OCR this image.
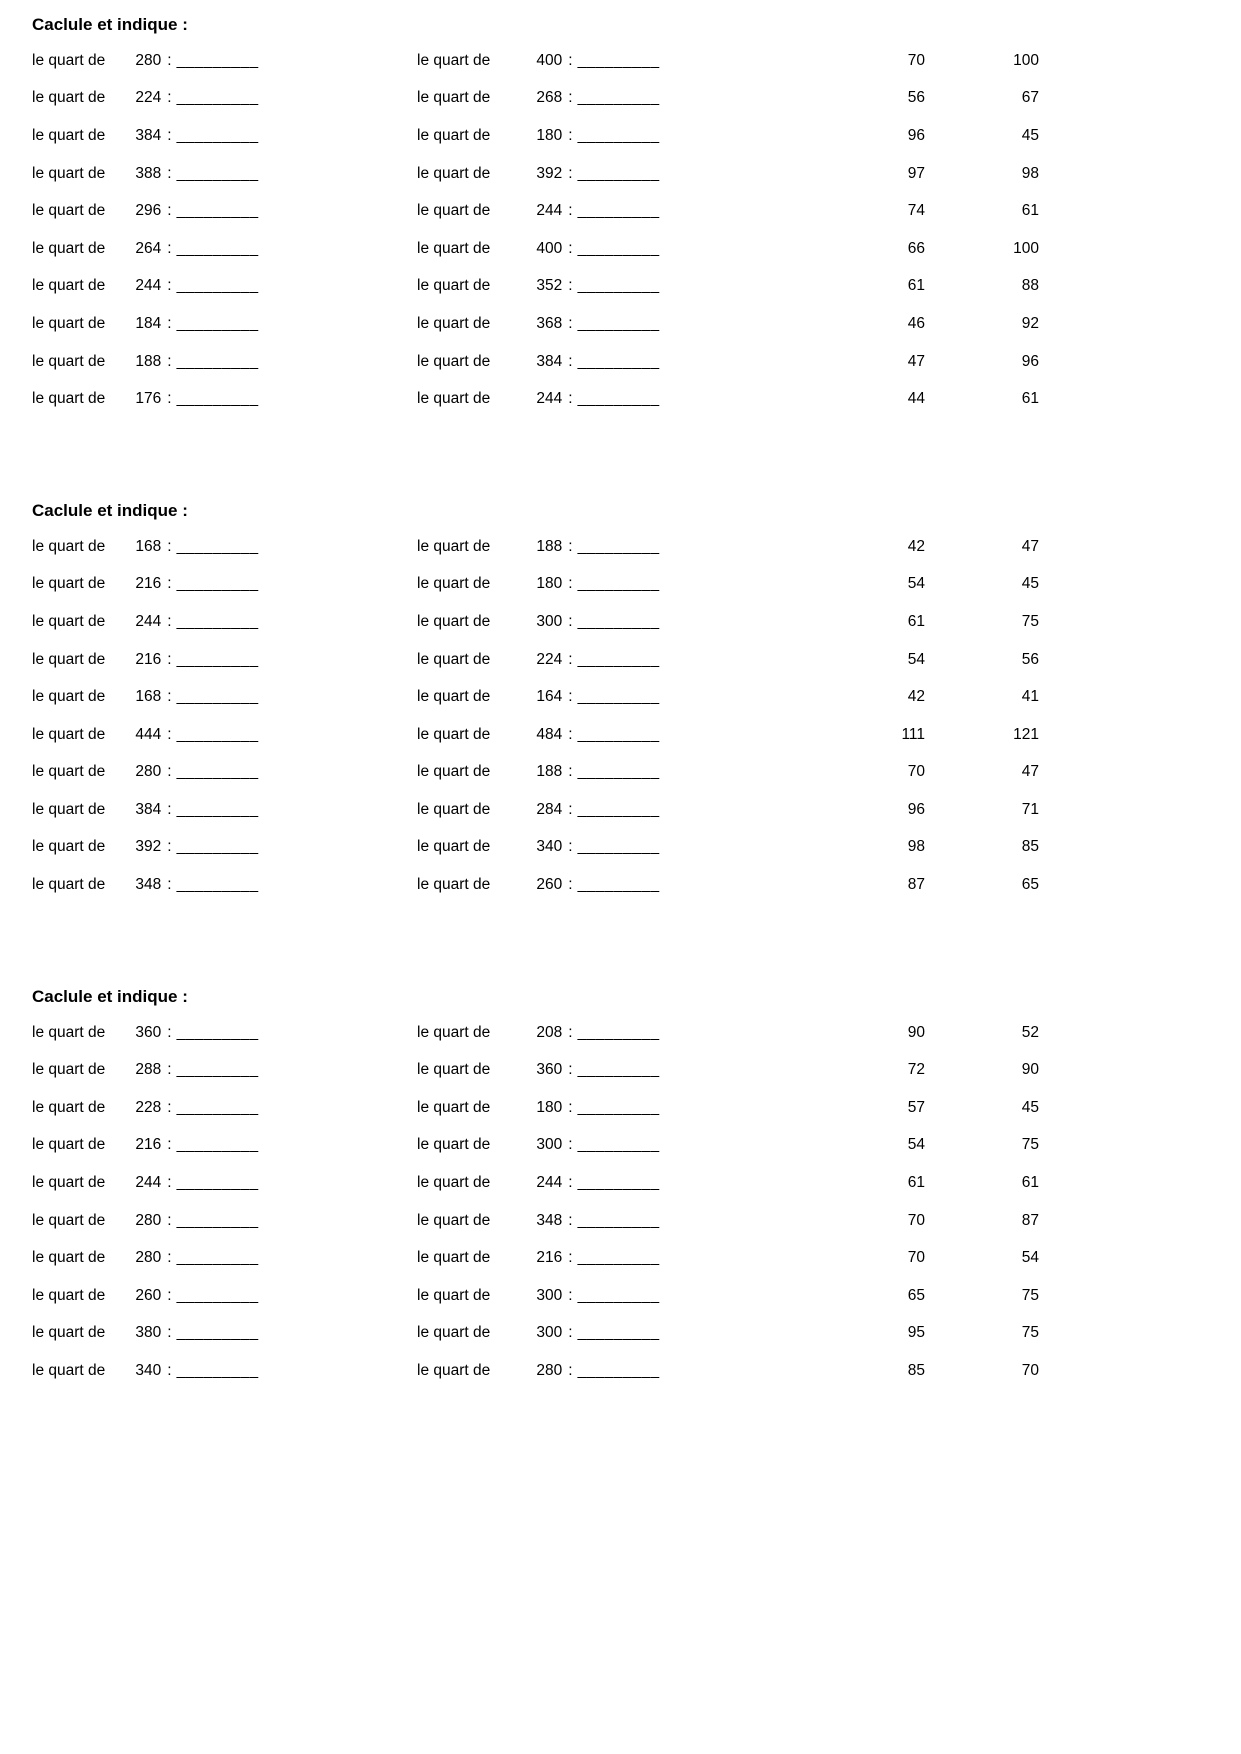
Caclule et indique :
le quart de 280 : _________	le quart de	400 : _________	70	100
le quart de 224 : _________	le quart de	268 : _________	56	67
le quart de 384 : _________	le quart de	180 : _________	96	45
le quart de 388 : _________	le quart de	392 : _________	97	98
le quart de 296 : _________	le quart de	244 : _________	74	61
le quart de 264 : _________	le quart de	400 : _________	66	100
le quart de 244 : _________	le quart de	352 : _________	61	88
le quart de 184 : _________	le quart de	368 : _________	46	92
le quart de 188 : _________	le quart de	384 : _________	47	96
le quart de 176 : _________	le quart de	244 : _________	44	61
Caclule et indique :
le quart de 168 : _________	le quart de	188 : _________	42	47
le quart de 216 : _________	le quart de	180 : _________	54	45
le quart de 244 : _________	le quart de	300 : _________	61	75
le quart de 216 : _________	le quart de	224 : _________	54	56
le quart de 168 : _________	le quart de	164 : _________	42	41
le quart de 444 : _________	le quart de	484 : _________	111	121
le quart de 280 : _________	le quart de	188 : _________	70	47
le quart de 384 : _________	le quart de	284 : _________	96	71
le quart de 392 : _________	le quart de	340 : _________	98	85
le quart de 348 : _________	le quart de	260 : _________	87	65
Caclule et indique :
le quart de 360 : _________	le quart de	208 : _________	90	52
le quart de 288 : _________	le quart de	360 : _________	72	90
le quart de 228 : _________	le quart de	180 : _________	57	45
le quart de 216 : _________	le quart de	300 : _________	54	75
le quart de 244 : _________	le quart de	244 : _________	61	61
le quart de 280 : _________	le quart de	348 : _________	70	87
le quart de 280 : _________	le quart de	216 : _________	70	54
le quart de 260 : _________	le quart de	300 : _________	65	75
le quart de 380 : _________	le quart de	300 : _________	95	75
le quart de 340 : _________	le quart de	280 : _________	85	70
